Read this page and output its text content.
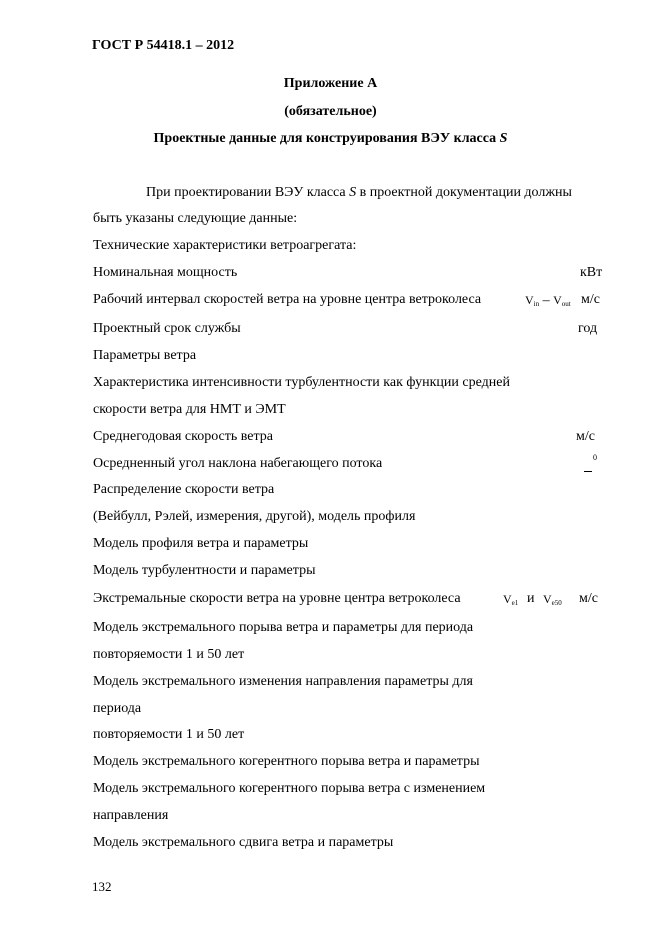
ГОСТ Р 54418.1 – 2012
Приложение А
(обязательное)
Проектные данные для конструирования ВЭУ класса S
При проектировании ВЭУ класса S в проектной документации должны
быть указаны следующие данные:
Технические характеристики ветроагрегата:
Номинальная мощность	кВт
Рабочий интервал скоростей ветра на уровне центра ветроколеса	$V_{in} - V_{out}$ м/с
Проектный срок службы	год
Параметры ветра
Характеристика интенсивности турбулентности как функции средней
скорости ветра для НМТ и ЭМТ
Среднегодовая скорость ветра	м/с
Осредненный угол наклона набегающего потока	0
Распределение скорости ветра
(Вейбулл, Рэлей, измерения, другой), модель профиля
Модель профиля ветра и параметры
Модель турбулентности и параметры
Экстремальные скорости ветра на уровне центра ветроколеса	$V_{e1}$ и $V_{e50}$ м/с
Модель экстремального порыва ветра и параметры для периода
повторяемости 1 и 50 лет
Модель экстремального изменения направления параметры для
периода
повторяемости 1 и 50 лет
Модель экстремального когерентного порыва ветра и параметры
Модель экстремального когерентного порыва ветра с изменением
направления
Модель экстремального сдвига ветра и параметры
132
